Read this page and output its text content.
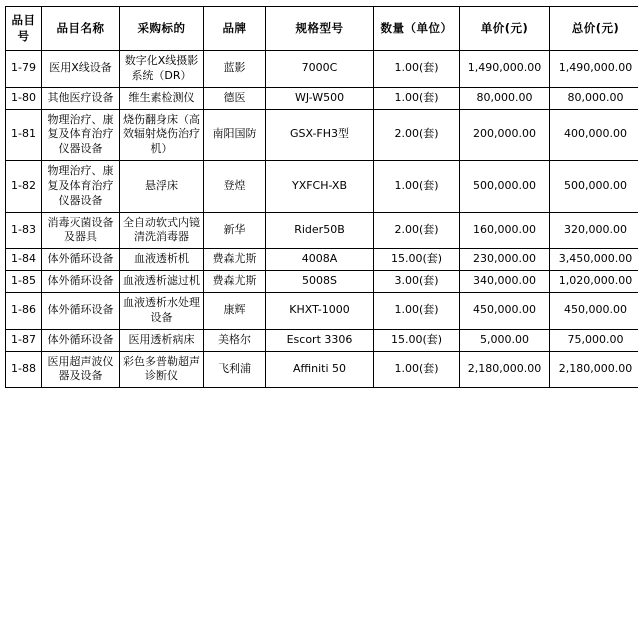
品目号	品目名称	采购标的	品牌	规格型号	数量（单位）	单价(元)	总价(元)
1-79	医用X线设备	数字化X线摄影系统（DR）	蓝影	7000C	1.00(套)	1,490,000.00	1,490,000.00
1-80	其他医疗设备	维生素检测仪	德医	WJ-W500	1.00(套)	80,000.00	80,000.00
1-81	物理治疗、康复及体育治疗仪器设备	烧伤翻身床（高效辐射烧伤治疗机）	南阳国防	GSX-FH3型	2.00(套)	200,000.00	400,000.00
1-82	物理治疗、康复及体育治疗仪器设备	悬浮床	登煌	YXFCH-XB	1.00(套)	500,000.00	500,000.00
1-83	消毒灭菌设备及器具	全自动软式内镜清洗消毒器	新华	Rider50B	2.00(套)	160,000.00	320,000.00
1-84	体外循环设备	血液透析机	费森尤斯	4008A	15.00(套)	230,000.00	3,450,000.00
1-85	体外循环设备	血液透析滤过机	费森尤斯	5008S	3.00(套)	340,000.00	1,020,000.00
1-86	体外循环设备	血液透析水处理设备	康辉	KHXT-1000	1.00(套)	450,000.00	450,000.00
1-87	体外循环设备	医用透析病床	美格尔	Escort 3306	15.00(套)	5,000.00	75,000.00
1-88	医用超声波仪器及设备	彩色多普勒超声诊断仪	飞利浦	Affiniti 50	1.00(套)	2,180,000.00	2,180,000.00
